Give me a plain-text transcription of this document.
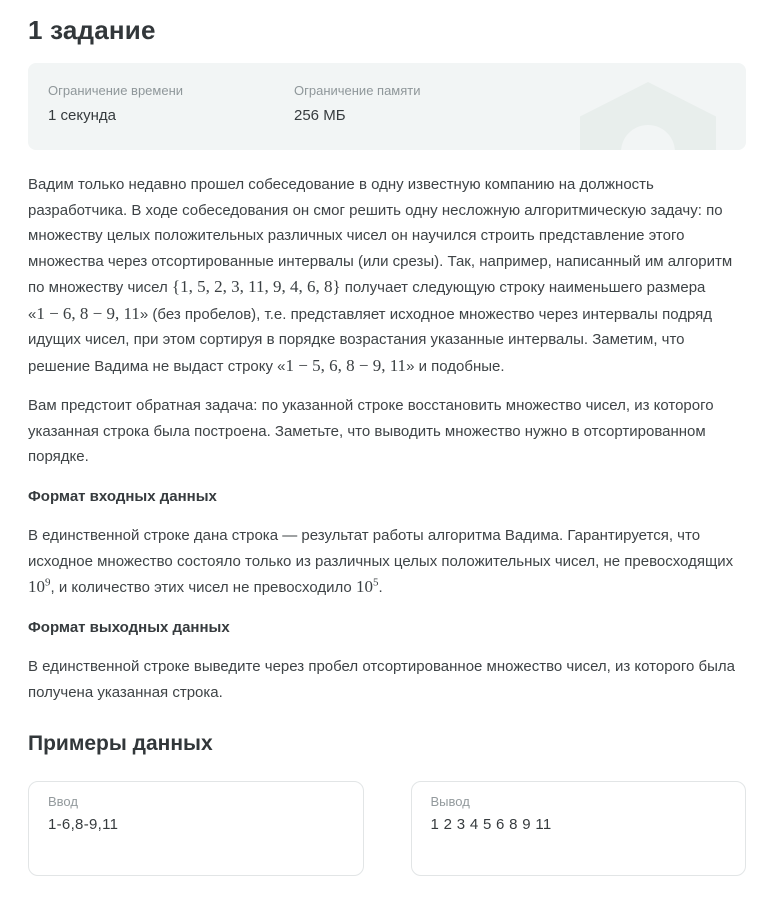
1 задание
Ограничение времени
1 секунда
Ограничение памяти
256 МБ

Вадим только недавно прошел собеседование в одну известную компанию на должность разработчика. В ходе собеседования он смог решить одну несложную алгоритмическую задачу: по множеству целых положительных различных чисел он научился строить представление этого множества через отсортированные интервалы (или срезы). Так, например, написанный им алгоритм по множеству чисел {1, 5, 2, 3, 11, 9, 4, 6, 8} получает следующую строку наименьшего размера «1 − 6, 8 − 9, 11» (без пробелов), т.е. представляет исходное множество через интервалы подряд идущих чисел, при этом сортируя в порядке возрастания указанные интервалы. Заметим, что решение Вадима не выдаст строку «1 − 5, 6, 8 − 9, 11» и подобные.

Вам предстоит обратная задача: по указанной строке восстановить множество чисел, из которого указанная строка была построена. Заметьте, что выводить множество нужно в отсортированном порядке.

Формат входных данных

В единственной строке дана строка — результат работы алгоритма Вадима. Гарантируется, что исходное множество состояло только из различных целых положительных чисел, не превосходящих $10^9$, и количество этих чисел не превосходило $10^5$.

Формат выходных данных

В единственной строке выведите через пробел отсортированное множество чисел, из которого была получена указанная строка.

Примеры данных
Ввод
1-6,8-9,11
Вывод
1 2 3 4 5 6 8 9 11
